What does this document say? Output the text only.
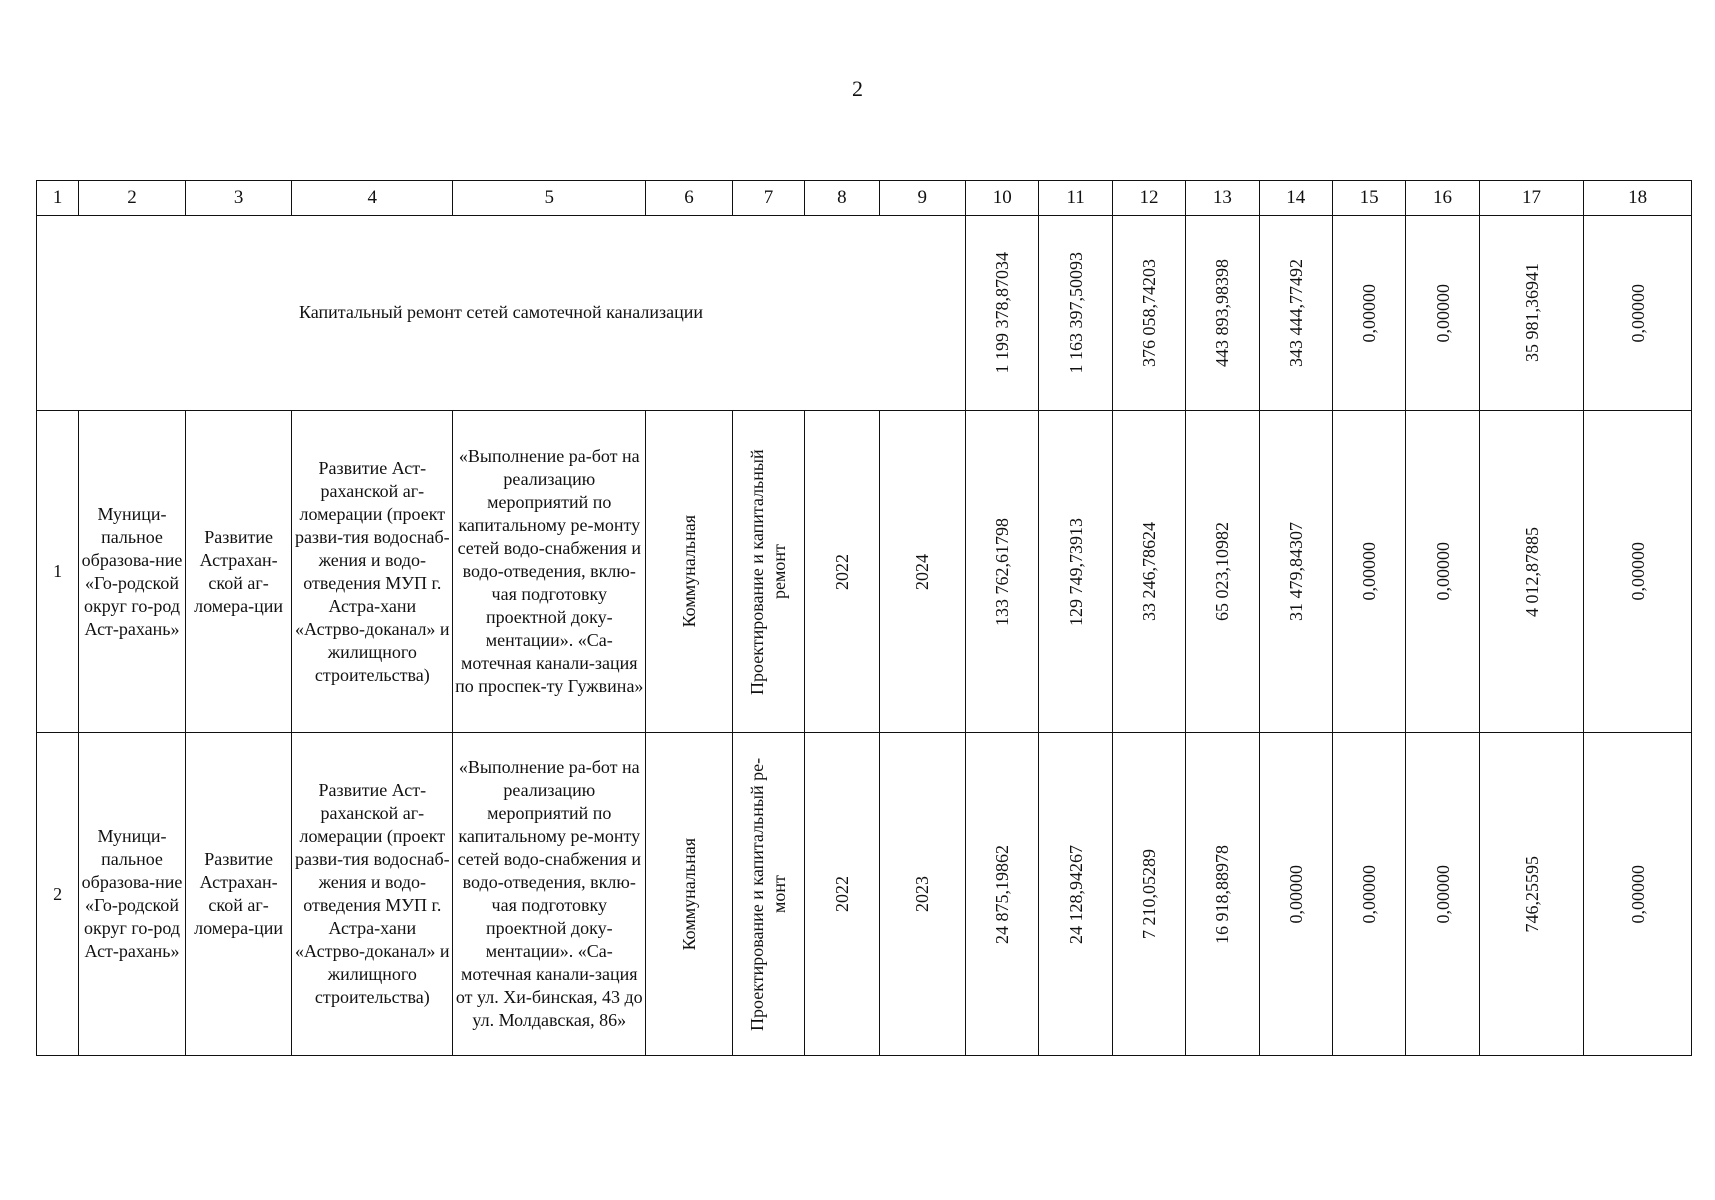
2
1	2	3	4	5	6	7	8	9	10	11	12	13	14	15	16	17	18
Капитальный ремонт сетей самотечной канализации									1 199 378,87034	1 163 397,50093	376 058,74203	443 893,98398	343 444,77492	0,00000	0,00000	35 981,36941	0,00000

1	Муници-пальное образова-ние «Го-родской округ го-род Аст-рахань»	Развитие Астрахан-ской аг-ломера-ции	Развитие Аст-раханской аг-ломерации (проект разви-тия водоснаб-жения и водо-отведения МУП г. Астра-хани «Астрво-доканал» и жилищного строительства)	«Выполнение ра-бот на реализацию мероприятий по капитальному ре-монту сетей водо-снабжения и водо-отведения, вклю-чая подготовку проектной доку-ментации». «Са-мотечная канали-зация по проспек-ту Гужвина»	Коммунальная	Проектирование и капитальный ремонт	2022	2024	133 762,61798	129 749,73913	33 246,78624	65 023,10982	31 479,84307	0,00000	0,00000	4 012,87885	0,00000

2	Муници-пальное образова-ние «Го-родской округ го-род Аст-рахань»	Развитие Астрахан-ской аг-ломера-ции	Развитие Аст-раханской аг-ломерации (проект разви-тия водоснаб-жения и водо-отведения МУП г. Астра-хани «Астрво-доканал» и жилищного строительства)	«Выполнение ра-бот на реализацию мероприятий по капитальному ре-монту сетей водо-снабжения и водо-отведения, вклю-чая подготовку проектной доку-ментации». «Са-мотечная канали-зация от ул. Хи-бинская, 43 до ул. Молдавская, 86»	Коммунальная	Проектирование и капитальный ре-монт	2022	2023	24 875,19862	24 128,94267	7 210,05289	16 918,88978	0,00000	0,00000	0,00000	746,25595	0,00000
